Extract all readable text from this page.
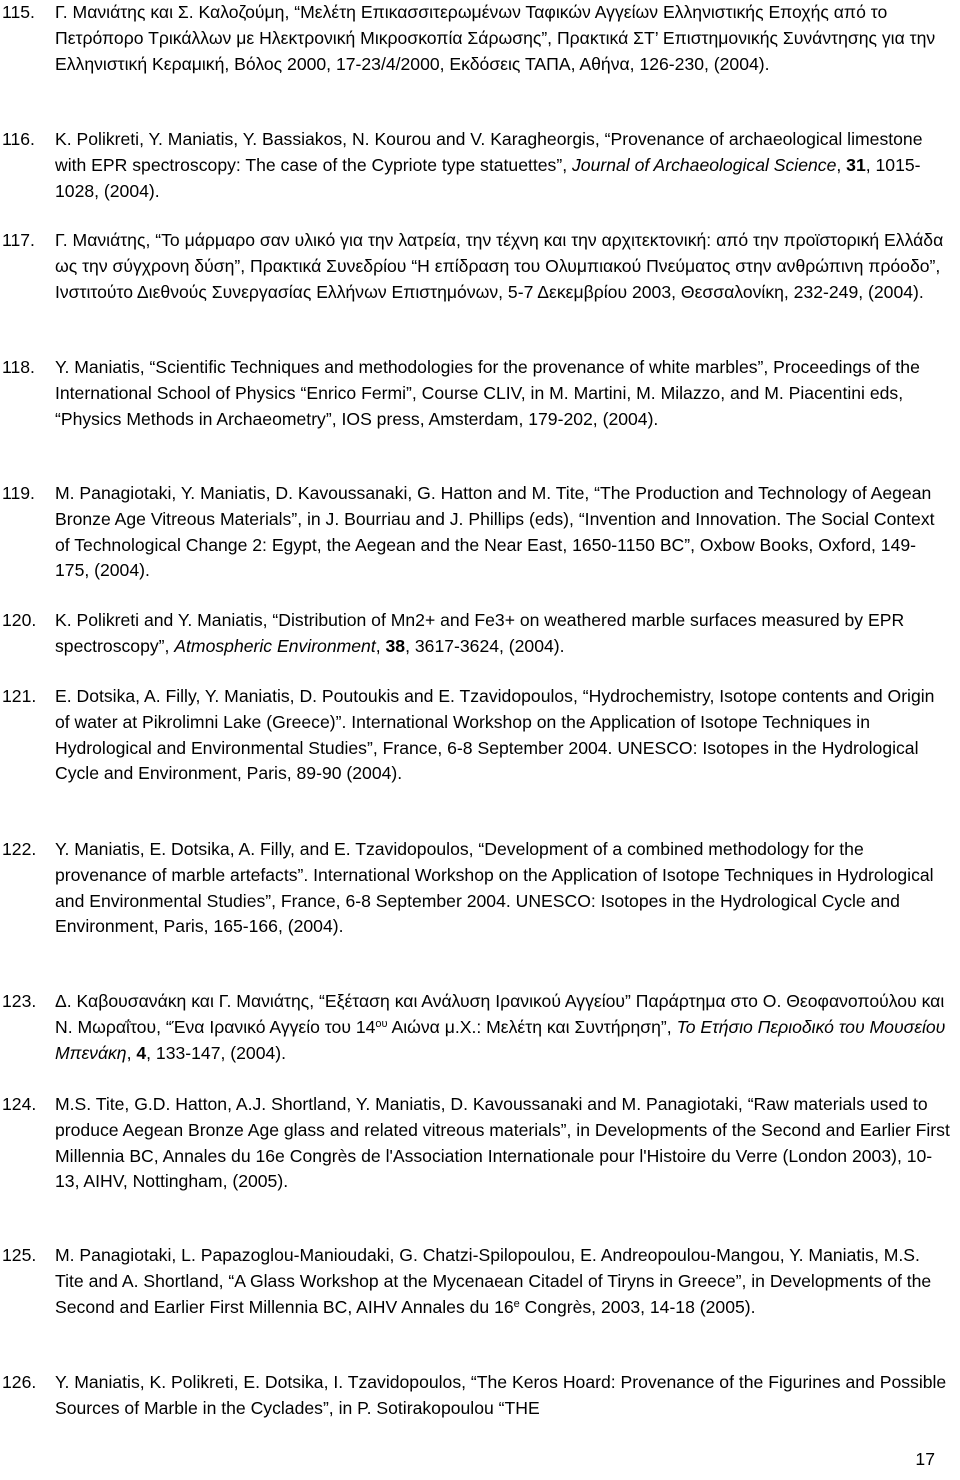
115.	Γ. Μανιάτης και Σ. Καλοζούμη, “Μελέτη Επικασσιτερωμένων Ταφικών Αγγείων Ελληνιστικής Εποχής από το Πετρόπορο Τρικάλλων με Ηλεκτρονική Μικροσκοπία Σάρωσης”, Πρακτικά ΣΤ’ Επιστημονικής Συνάντησης για την Ελληνιστική Κεραμική, Βόλος 2000, 17-23/4/2000, Εκδόσεις ΤΑΠΑ, Αθήνα, 126-230, (2004).

116.	K. Polikreti, Y. Maniatis, Y. Bassiakos, N. Kourou and V. Karagheorgis, “Provenance of archaeological limestone with EPR spectroscopy: The case of the Cypriote type statuettes”, Journal of Archaeological Science, 31, 1015-1028, (2004).

117.	Γ. Μανιάτης, “Το μάρμαρο σαν υλικό για την λατρεία, την τέχνη και την αρχιτεκτονική: από την προϊστορική Ελλάδα ως την σύγχρονη δύση”, Πρακτικά Συνεδρίου “Η επίδραση του Ολυμπιακού Πνεύματος στην ανθρώπινη πρόοδο”, Ινστιτούτο Διεθνούς Συνεργασίας Ελλήνων Επιστημόνων, 5-7 Δεκεμβρίου 2003, Θεσσαλονίκη, 232-249, (2004).

118.	Y. Maniatis, “Scientific Techniques and methodologies for the provenance of white marbles”, Proceedings of the International School of Physics “Enrico Fermi”, Course CLIV, in M. Martini, M. Milazzo, and M. Piacentini eds, “Physics Methods in Archaeometry”, IOS press, Amsterdam, 179-202, (2004).

119.	M. Panagiotaki, Y. Maniatis, D. Kavoussanaki, G. Hatton and M. Tite, “The Production and Technology of Aegean Bronze Age Vitreous Materials”, in J. Bourriau and J. Phillips (eds), “Invention and Innovation. The Social Context of Technological Change 2: Egypt, the Aegean and the Near East, 1650-1150 BC”, Oxbow Books, Oxford, 149-175, (2004).

120.	K. Polikreti and Y. Maniatis, “Distribution of Mn2+ and Fe3+ on weathered marble surfaces measured by EPR spectroscopy”, Atmospheric Environment, 38, 3617-3624, (2004).

121.	E. Dotsika, A. Filly, Y. Maniatis, D. Poutoukis and E. Tzavidopoulos, “Hydrochemistry, Isotope contents and Origin of water at Pikrolimni Lake (Greece)”. International Workshop on the Application of Isotope Techniques in Hydrological and Environmental Studies”, France, 6-8 September 2004. UNESCO: Isotopes in the Hydrological Cycle and Environment, Paris, 89-90 (2004).

122.	Y. Maniatis, E. Dotsika, A. Filly, and E. Tzavidopoulos, “Development of a combined methodology for the provenance of marble artefacts”. International Workshop on the Application of Isotope Techniques in Hydrological and Environmental Studies”, France, 6-8 September 2004. UNESCO: Isotopes in the Hydrological Cycle and Environment, Paris, 165-166, (2004).

123.	Δ. Καβουσανάκη και Γ. Μανιάτης, “Εξέταση και Ανάλυση Ιρανικού Αγγείου” Παράρτημα στο Ο. Θεοφανοπούλου και Ν. Μωραΐτου, “Ένα Ιρανικό Αγγείο του $14^{o\upsilon}$ Αιώνα μ.Χ.: Μελέτη και Συντήρηση”, Το Ετήσιο Περιοδικό του Μουσείου Μπενάκη, 4, 133-147, (2004).

124.	M.S. Tite, G.D. Hatton, A.J. Shortland, Y. Maniatis, D. Kavoussanaki and M. Panagiotaki, “Raw materials used to produce Aegean Bronze Age glass and related vitreous materials”, in Developments of the Second and Earlier First Millennia BC, Annales du 16e Congrès de l'Association Internationale pour l'Histoire du Verre (London 2003), 10-13, AIHV, Nottingham, (2005).

125.	M. Panagiotaki, L. Papazoglou-Manioudaki, G. Chatzi-Spilopoulou, E. Andreopoulou-Mangou, Y. Maniatis, M.S. Tite and A. Shortland, “A Glass Workshop at the Mycenaean Citadel of Tiryns in Greece”, in Developments of the Second and Earlier First Millennia BC, AIHV Annales du 16e Congrès, 2003, 14-18 (2005).

126.	Y. Maniatis, K. Polikreti, E. Dotsika, I. Tzavidopoulos, “The Keros Hoard: Provenance of the Figurines and Possible Sources of Marble in the Cyclades”, in P. Sotirakopoulou “THE

17
